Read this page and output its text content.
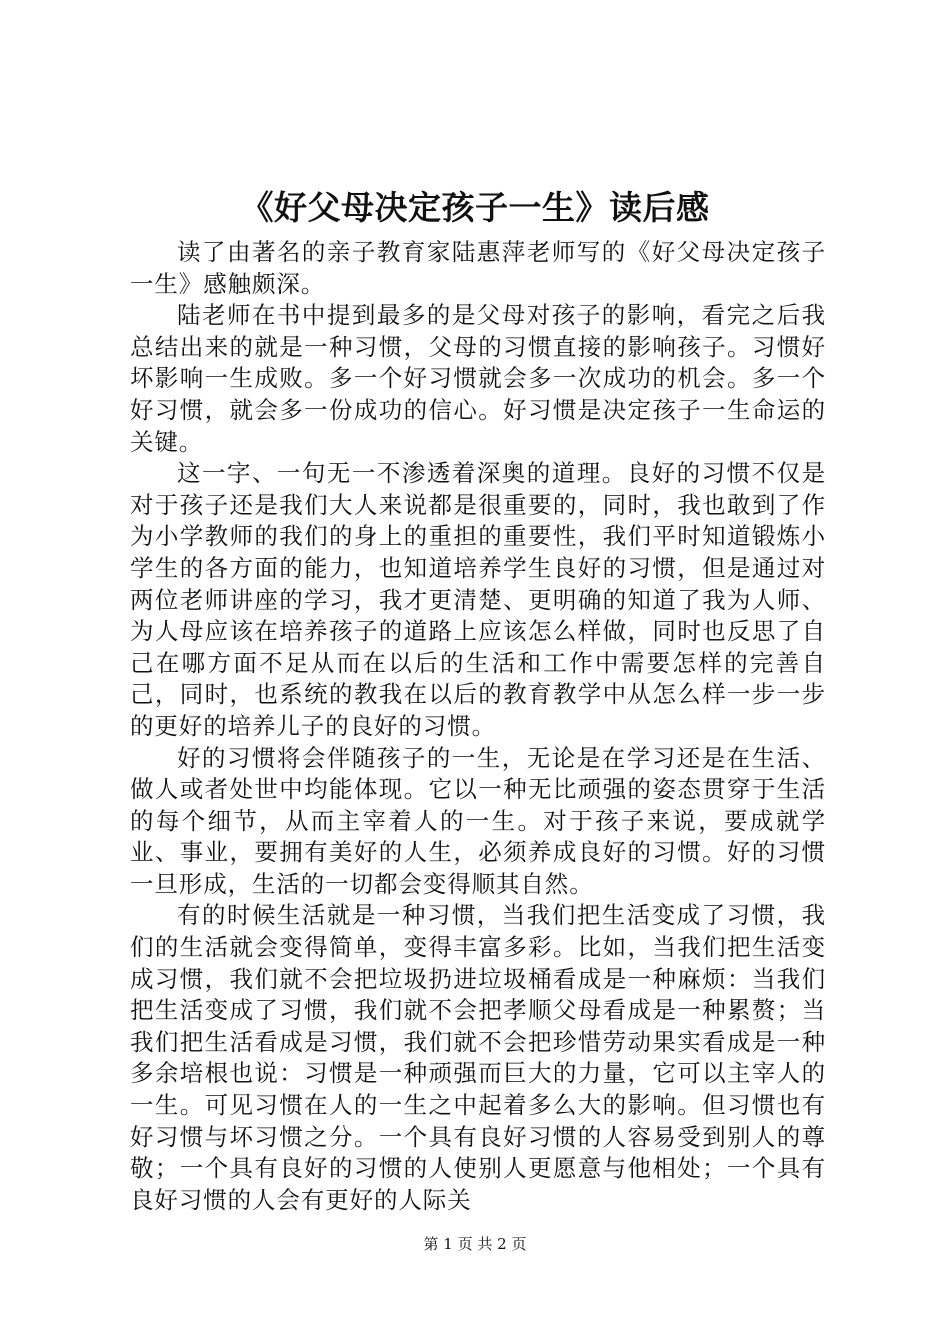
《好父母决定孩子一生》读后感

读了由著名的亲子教育家陆惠萍老师写的《好父母决定孩子一生》感触颇深。

陆老师在书中提到最多的是父母对孩子的影响，看完之后我总结出来的就是一种习惯，父母的习惯直接的影响孩子。习惯好坏影响一生成败。多一个好习惯就会多一次成功的机会。多一个好习惯，就会多一份成功的信心。好习惯是决定孩子一生命运的关键。

这一字、一句无一不渗透着深奥的道理。良好的习惯不仅是对于孩子还是我们大人来说都是很重要的，同时，我也敢到了作为小学教师的我们的身上的重担的重要性，我们平时知道锻炼小学生的各方面的能力，也知道培养学生良好的习惯，但是通过对两位老师讲座的学习，我才更清楚、更明确的知道了我为人师、为人母应该在培养孩子的道路上应该怎么样做，同时也反思了自己在哪方面不足从而在以后的生活和工作中需要怎样的完善自己，同时，也系统的教我在以后的教育教学中从怎么样一步一步的更好的培养儿子的良好的习惯。

好的习惯将会伴随孩子的一生，无论是在学习还是在生活、做人或者处世中均能体现。它以一种无比顽强的姿态贯穿于生活的每个细节，从而主宰着人的一生。对于孩子来说，要成就学业、事业，要拥有美好的人生，必须养成良好的习惯。好的习惯一旦形成，生活的一切都会变得顺其自然。

有的时候生活就是一种习惯，当我们把生活变成了习惯，我们的生活就会变得简单，变得丰富多彩。比如，当我们把生活变成习惯，我们就不会把垃圾扔进垃圾桶看成是一种麻烦：当我们把生活变成了习惯，我们就不会把孝顺父母看成是一种累赘；当我们把生活看成是习惯，我们就不会把珍惜劳动果实看成是一种多余培根也说：习惯是一种顽强而巨大的力量，它可以主宰人的一生。可见习惯在人的一生之中起着多么大的影响。但习惯也有好习惯与坏习惯之分。一个具有良好习惯的人容易受到别人的尊敬；一个具有良好的习惯的人使别人更愿意与他相处；一个具有良好习惯的人会有更好的人际关

第 1 页 共 2 页
